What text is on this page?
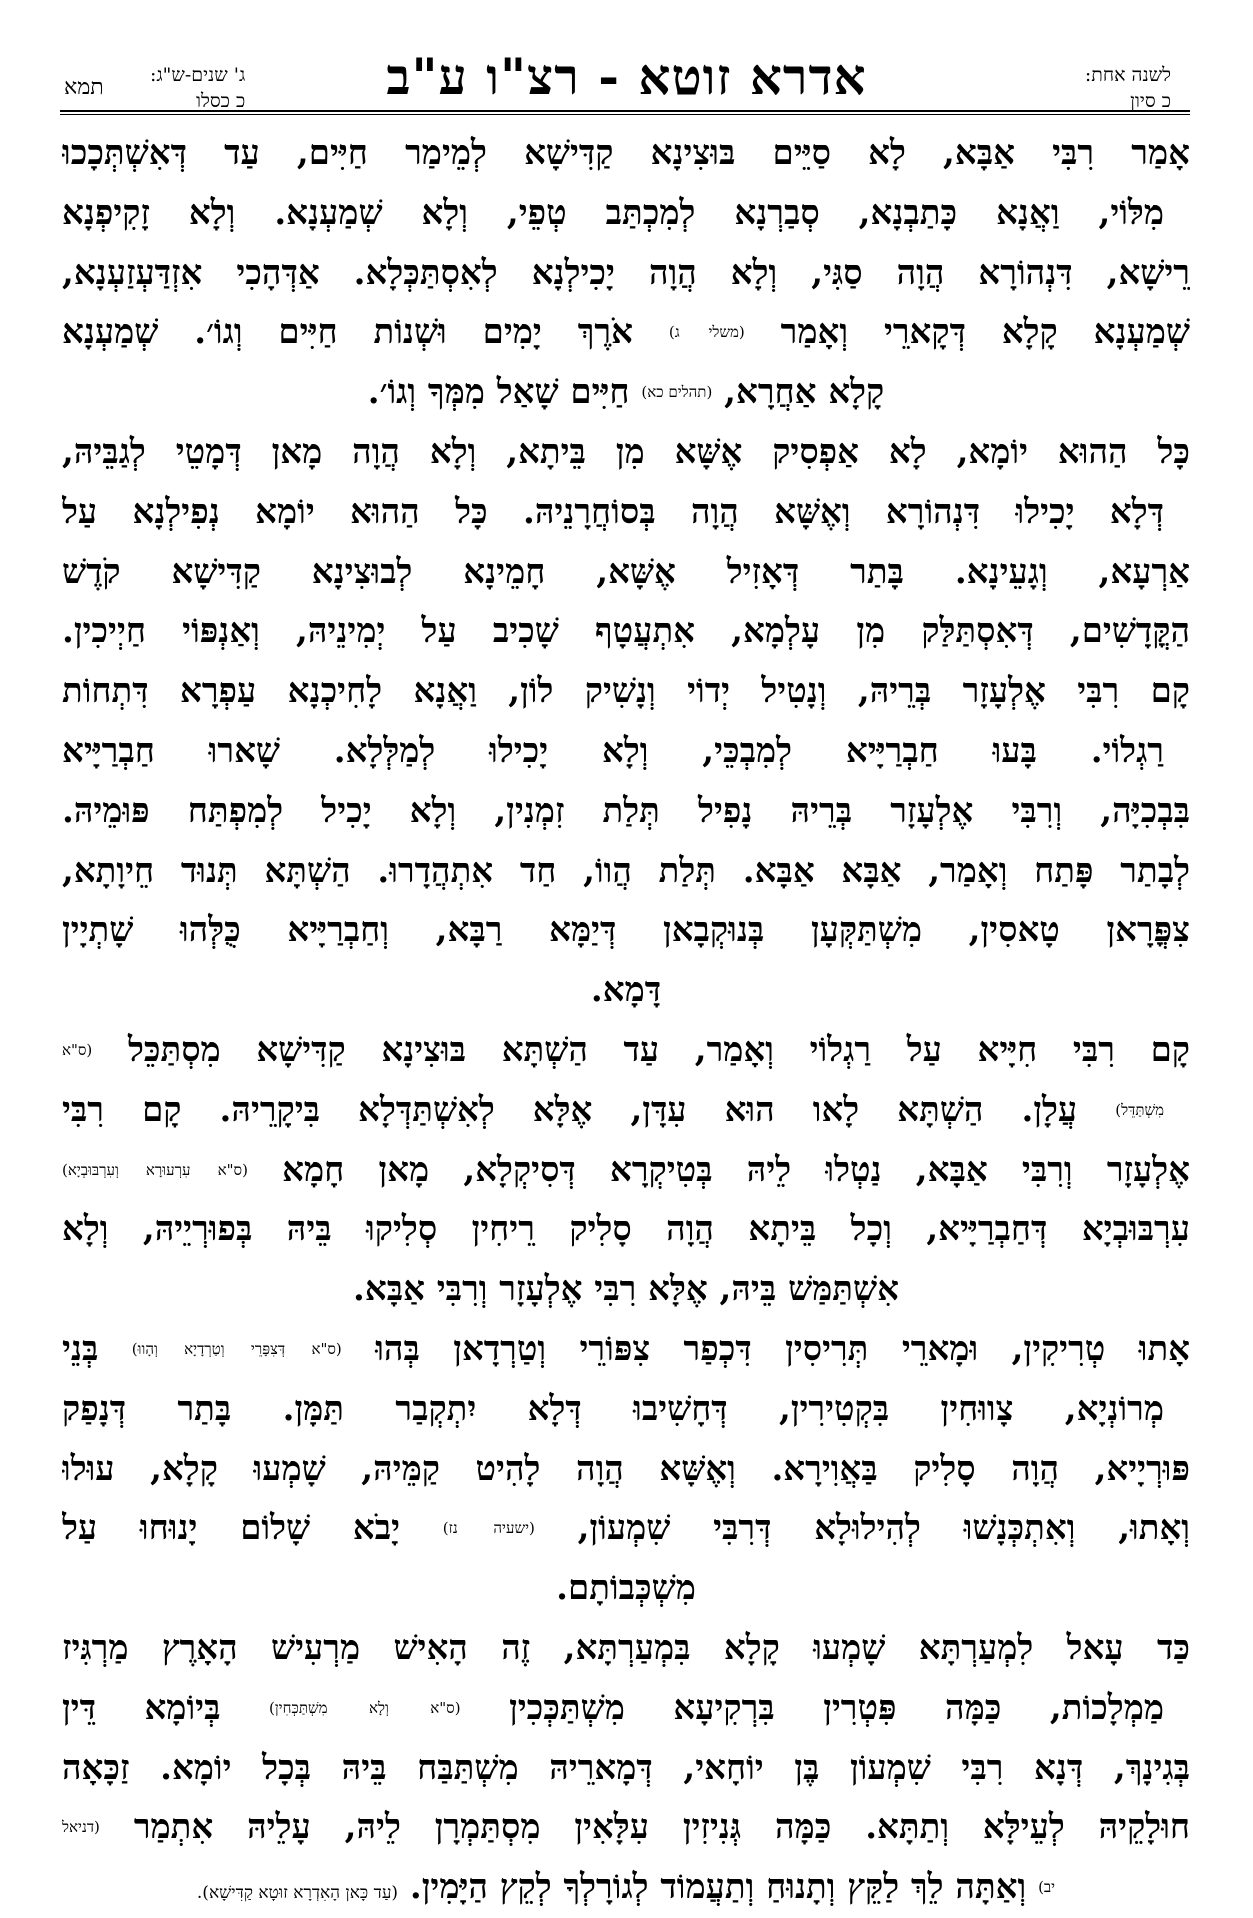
לשנה אחת:
כ סיון
אדרא זוטא - רצ"ו ע"ב
ג' שנים-ש"ג:
כ כסלו
תמא
אָמַר רִבִּי אַבָּא, לָא סַיֵּים בּוּצִינָא קַדִּישָׁא לְמֵימַר חַיִּים, עַד דְּאִשְׁתְּכָכוּ
מִלּוֹי, וַאֲנָא כָּתַבְנָא, סְבַרְנָא לְמִכְתַּב טְפֵי, וְלָא שְׁמַעְנָא. וְלָא זָקִיפְנָא
רֵישָׁא, דִּנְהוֹרָא הֲוָה סַגִּי, וְלָא הֲוָה יָכִילְנָא לְאִסְתַּכְּלָא. אַדְּהָכִי אִזְדַּעְזַעְנָא,
שְׁמַעְנָא קָלָא דְּקָארֵי וְאָמַר (משלי ג) אֹרֶךְ יָמִים וּשְׁנוֹת חַיִּים וְגוֹ׳. שְׁמַעְנָא
קָלָא אַחֲרָא, (תהלים כא) חַיִּים שָׁאַל מִמְּךָ וְגוֹ׳.
כָּל הַהוּא יוֹמָא, לָא אַפְסִיק אֶשָּׁא מִן בֵּיתָא, וְלָא הֲוָה מָאן דְּמָטֵי לְגַבֵּיהּ,
דְּלָא יָכִילוּ דִּנְהוֹרָא וְאֶשָּׁא הֲוָה בְּסוֹחֲרָנֵיהּ. כָּל הַהוּא יוֹמָא נְפִילְנָא עַל
אַרְעָא, וְגָעֵינָא. בָּתַר דְּאָזִיל אֶשָּׁא, חָמֵינָא לְבוּצִינָא קַדִּישָׁא קֹדֶשׁ
הַקֳּדָשִׁים, דְּאִסְתַּלַּק מִן עָלְמָא, אִתְעֲטָף שָׁכִיב עַל יְמִינֵיהּ, וְאַנְפּוֹי חַיְיכִין.
קָם רִבִּי אֶלְעָזָר בְּרֵיהּ, וְנָטִיל יְדוֹי וְנָשִׁיק לוֹן, וַאֲנָא לָחִיכְנָא עַפְרָא דִּתְחוֹת
רַגְלוֹי. בָּעוּ חַבְרַיָּיא לְמִבְכֵּי, וְלָא יָכִילוּ לְמַלְּלָא. שָׁארוּ חַבְרַיָּיא
בִּבְכִיָּה, וְרִבִּי אֶלְעָזָר בְּרֵיהּ נָפִיל תְּלַת זִמְנִין, וְלָא יָכִיל לְמִפְתַּח פּוּמֵיהּ.
לְבָתַר פָּתַח וְאָמַר, אַבָּא אַבָּא. תְּלַת הֲווֹ, חַד אִתְהֲדָרוּ. הַשְׁתָּא תְּנוּד חֵיוָתָא,
צִפֳּרָאן טָאסִין, מִשְׁתַּקְּעָן בְּנוּקְבָאן דְּיַמָּא רַבָּא, וְחַבְרַיָּיא כֻּלְּהוּ שָׁתְיָין
דָּמָא.
קָם רִבִּי חִיָּיא עַל רַגְלוֹי וְאָמַר, עַד הַשְׁתָּא בּוּצִינָא קַדִּישָׁא מִסְתַּכֵּל (ס"א
מִשְׁתַּדֵּל) עֲלָן. הַשְׁתָּא לָאו הוּא עִדָּן, אֶלָּא לְאִשְׁתַּדְּלָא בִּיקָרֵיהּ. קָם רִבִּי
אֶלְעָזָר וְרִבִּי אַבָּא, נַטְלוּ לֵיהּ בְּטִיקְרָא דְּסִיקְלָא, מָאן חָמָא (ס"א עִרְעוּרָא וְעִרְבּוּבְיָא)
עִרְבּוּבְיָא דְּחַבְרַיָּיא, וְכָל בֵּיתָא הֲוָה סָלִיק רֵיחִין סְלִיקוּ בֵּיהּ בְּפוּרְיֵיהּ, וְלָא
אִשְׁתַּמַּשׁ בֵּיהּ, אֶלָּא רִבִּי אֶלְעָזָר וְרִבִּי אַבָּא.
אָתוּ טְרִיקִין, וּמָארֵי תְּרִיסִין דִּכְפַר צִפּוֹרֵי וְטַרְדָאן בְּהוּ (ס"א דְּצִפָּרֵי וְטַרְדָיָא וְהָווּ) בְּנֵי
מְרוֹנְיָא, צָווּחִין בִּקְטִירִין, דְּחָשִׁיבוּ דְּלָא יִתְקְבַר תַּמָּן. בָּתַר דְּנָפַק
פּוּרְיָיא, הֲוָה סָלִיק בַּאֲוִירָא. וְאֶשָּׁא הֲוָה לָהִיט קַמֵּיהּ, שָׁמְעוּ קָלָא, עוּלוּ
וְאָתוּ, וְאִתְכְּנָשׁוּ לְהִילוּלָא דְּרִבִּי שִׁמְעוֹן, (ישעיה נז) יָבֹא שָׁלוֹם יָנוּחוּ עַל
מִשְׁכְּבוֹתָם.
כַּד עָאל לִמְעַרְתָּא שָׁמְעוּ קָלָא בִּמְעַרְתָּא, זֶה הָאִישׁ מַרְעִישׁ הָאָרֶץ מַרְגִּיז
מַמְלָכוֹת, כַּמָּה פִּטְרִין בִּרְקִיעָא מִשְׁתַּכְּכִין (ס"א וְלָא מִשְׁתַּכְּחִין) בְּיוֹמָא דֵּין
בְּגִינָךְ, דְּנָא רִבִּי שִׁמְעוֹן בֶּן יוֹחָאי, דְּמָארֵיהּ מִשְׁתַּבַּח בֵּיהּ בְּכָל יוֹמָא. זַכָּאָה
חוּלָקֵיהּ לְעֵילָּא וְתַתָּא. כַּמָּה גְּנִיזִין עִלָּאִין מִסְתַּמְרָן לֵיהּ, עָלֵיהּ אִתְמַר (דניאל
יב) וְאַתָּה לֵךְ לַקֵּץ וְתָנוּחַ וְתַעֲמוֹד לְגוֹרָלְךָ לְקֵץ הַיָּמִין. (עַד כָּאן הָאִדְרָא זוּטָא קַדִּישָׁא).
